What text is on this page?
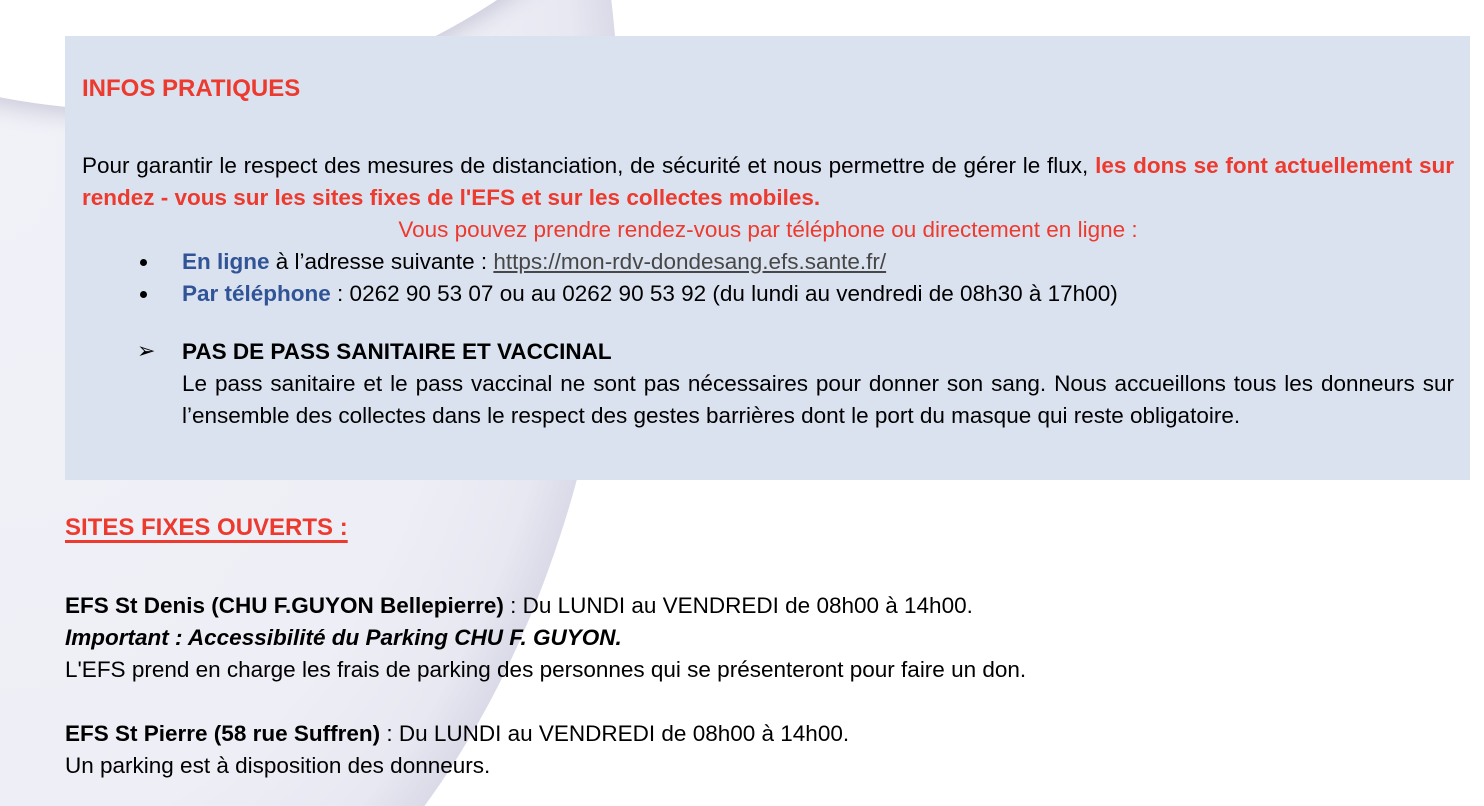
INFOS PRATIQUES

Pour garantir le respect des mesures de distanciation, de sécurité et nous permettre de gérer le flux, les dons se font actuellement sur rendez - vous sur les sites fixes de l'EFS et sur les collectes mobiles.

Vous pouvez prendre rendez-vous par téléphone ou directement en ligne :

En ligne à l’adresse suivante : https://mon-rdv-dondesang.efs.sante.fr/
Par téléphone : 0262 90 53 07 ou au 0262 90 53 92 (du lundi au vendredi de 08h30 à 17h00)
➢ PAS DE PASS SANITAIRE ET VACCINAL
Le pass sanitaire et le pass vaccinal ne sont pas nécessaires pour donner son sang. Nous accueillons tous les donneurs sur l’ensemble des collectes dans le respect des gestes barrières dont le port du masque qui reste obligatoire.
SITES FIXES OUVERTS :

EFS St Denis (CHU F.GUYON Bellepierre) : Du LUNDI au VENDREDI de 08h00 à 14h00.

Important : Accessibilité du Parking CHU F. GUYON.

L'EFS prend en charge les frais de parking des personnes qui se présenteront pour faire un don.

EFS St Pierre (58 rue Suffren) : Du LUNDI au VENDREDI de 08h00 à 14h00.

Un parking est à disposition des donneurs.
